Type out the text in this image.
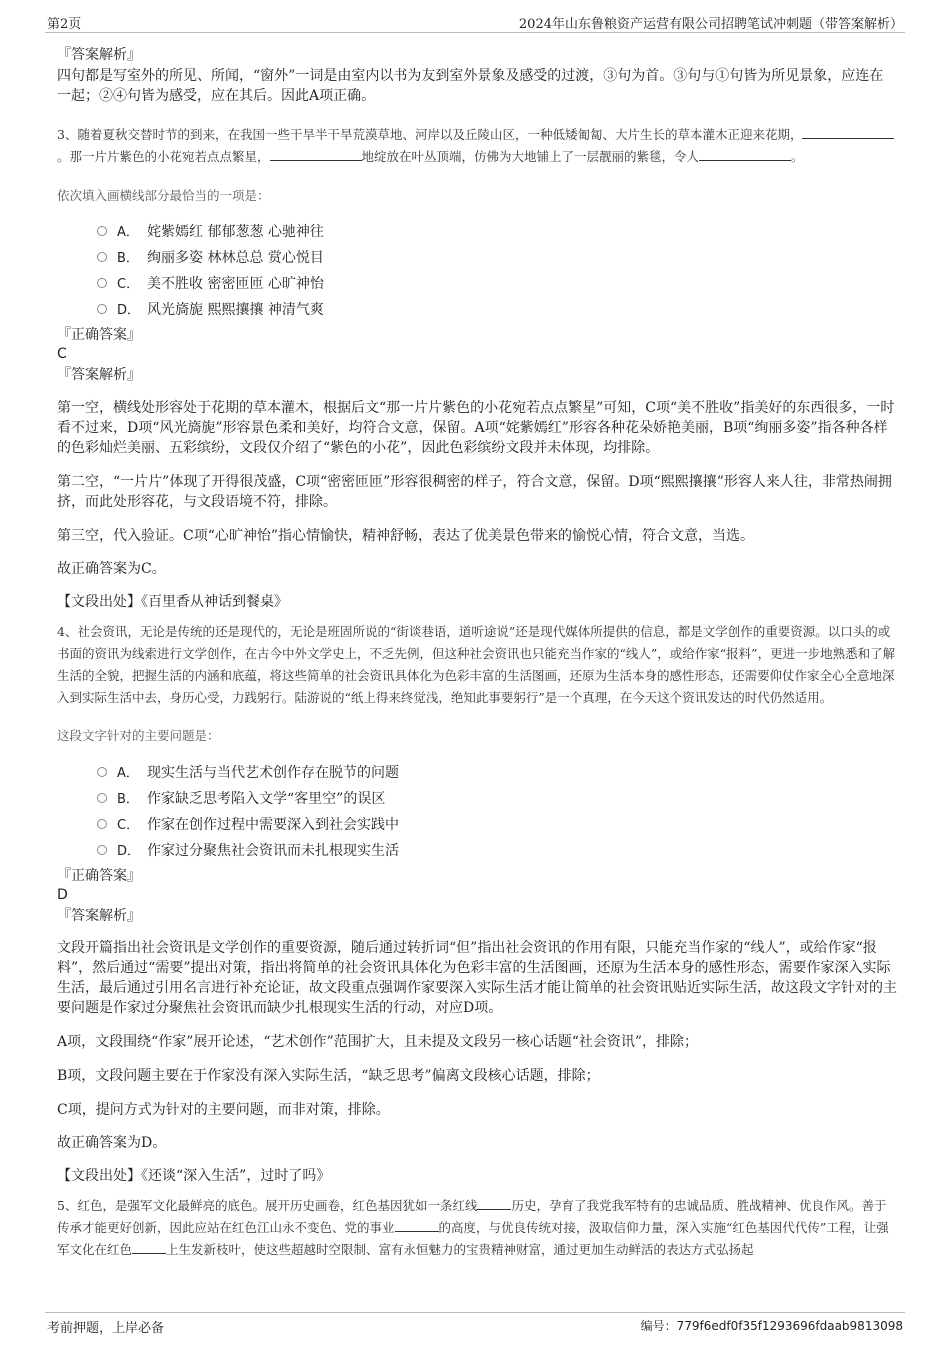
第2页	2024年山东鲁粮资产运营有限公司招聘笔试冲刺题（带答案解析）

『答案解析』

四句都是写室外的所见、所闻，“窗外”一词是由室内以书为友到室外景象及感受的过渡，③句为首。③句与①句皆为所见景象，应连在一起；②④句皆为感受，应在其后。因此A项正确。

3、随着夏秋交替时节的到来，在我国一些干旱半干旱荒漠草地、河岸以及丘陵山区，一种低矮匍匐、大片生长的草本灌木正迎来花期，。那一片片紫色的小花宛若点点繁星，	地绽放在叶丛顶端，仿佛为大地铺上了一层靓丽的紫毯，令人	。

依次填入画横线部分最恰当的一项是：

A． 姹紫嫣红 郁郁葱葱 心驰神往
B． 绚丽多姿 林林总总 赏心悦目
C． 美不胜收 密密匝匝 心旷神怡
D． 风光旖旎 熙熙攘攘 神清气爽

『正确答案』

C

『答案解析』

第一空，横线处形容处于花期的草本灌木，根据后文“那一片片紫色的小花宛若点点繁星”可知，C项“美不胜收”指美好的东西很多，一时看不过来，D项“风光旖旎”形容景色柔和美好，均符合文意，保留。A项“姹紫嫣红”形容各种花朵娇艳美丽，B项“绚丽多姿”指各种各样的色彩灿烂美丽、五彩缤纷，文段仅介绍了“紫色的小花”，因此色彩缤纷文段并未体现，均排除。

第二空，“一片片”体现了开得很茂盛，C项“密密匝匝”形容很稠密的样子，符合文意，保留。D项“熙熙攘攘”形容人来人往，非常热闹拥挤，而此处形容花，与文段语境不符，排除。

第三空，代入验证。C项“心旷神怡”指心情愉快，精神舒畅，表达了优美景色带来的愉悦心情，符合文意，当选。

故正确答案为C。

【文段出处】《百里香从神话到餐桌》

4、社会资讯，无论是传统的还是现代的，无论是班固所说的“街谈巷语，道听途说”还是现代媒体所提供的信息，都是文学创作的重要资源。以口头的或书面的资讯为线索进行文学创作，在古今中外文学史上，不乏先例，但这种社会资讯也只能充当作家的“线人”，或给作家“报料”，更进一步地熟悉和了解生活的全貌，把握生活的内涵和底蕴，将这些简单的社会资讯具体化为色彩丰富的生活图画，还原为生活本身的感性形态，还需要仰仗作家全心全意地深入到实际生活中去，身历心受，力践躬行。陆游说的“纸上得来终觉浅，绝知此事要躬行”是一个真理，在今天这个资讯发达的时代仍然适用。

这段文字针对的主要问题是：

A． 现实生活与当代艺术创作存在脱节的问题
B． 作家缺乏思考陷入文学“客里空”的误区
C． 作家在创作过程中需要深入到社会实践中
D． 作家过分聚焦社会资讯而未扎根现实生活

『正确答案』

D

『答案解析』

文段开篇指出社会资讯是文学创作的重要资源，随后通过转折词“但”指出社会资讯的作用有限，只能充当作家的“线人”，或给作家“报料”，然后通过“需要”提出对策，指出将简单的社会资讯具体化为色彩丰富的生活图画，还原为生活本身的感性形态，需要作家深入实际生活，最后通过引用名言进行补充论证，故文段重点强调作家要深入实际生活才能让简单的社会资讯贴近实际生活，故这段文字针对的主要问题是作家过分聚焦社会资讯而缺少扎根现实生活的行动，对应D项。

A项，文段围绕“作家”展开论述，“艺术创作”范围扩大，且未提及文段另一核心话题“社会资讯”，排除；

B项，文段问题主要在于作家没有深入实际生活，“缺乏思考”偏离文段核心话题，排除；

C项，提问方式为针对的主要问题，而非对策，排除。

故正确答案为D。

【文段出处】《还谈“深入生活”，过时了吗》

5、红色，是强军文化最鲜亮的底色。展开历史画卷，红色基因犹如一条红线	历史，孕育了我党我军特有的忠诚品质、胜战精神、优良作风。善于传承才能更好创新，因此应站在红色江山永不变色、党的事业	的高度，与优良传统对接，汲取信仰力量，深入实施“红色基因代代传”工程，让强军文化在红色	上生发新枝叶，使这些超越时空限制、富有永恒魅力的宝贵精神财富，通过更加生动鲜活的表达方式弘扬起

考前押题，上岸必备	编号：779f6edf0f35f1293696fdaab9813098
